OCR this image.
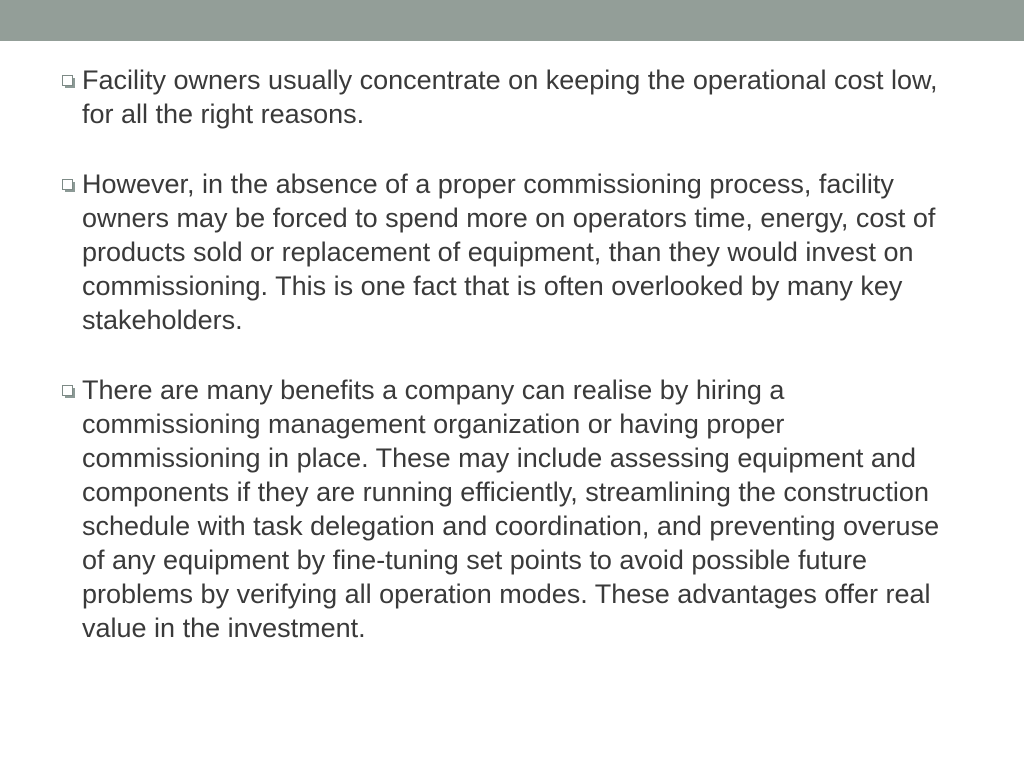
Facility owners usually concentrate on keeping the operational cost low, for all the right reasons.
However, in the absence of a proper commissioning process, facility owners may be forced to spend more on operators time, energy, cost of products sold or replacement of equipment, than they would invest on commissioning. This is one fact that is often overlooked by many key stakeholders.
There are many benefits a company can realise by hiring a commissioning management organization or having proper commissioning in place. These may include assessing equipment and components if they are running efficiently, streamlining the construction schedule with task delegation and coordination, and preventing overuse of any equipment by fine-tuning set points to avoid possible future problems by verifying all operation modes. These advantages offer real value in the investment.
